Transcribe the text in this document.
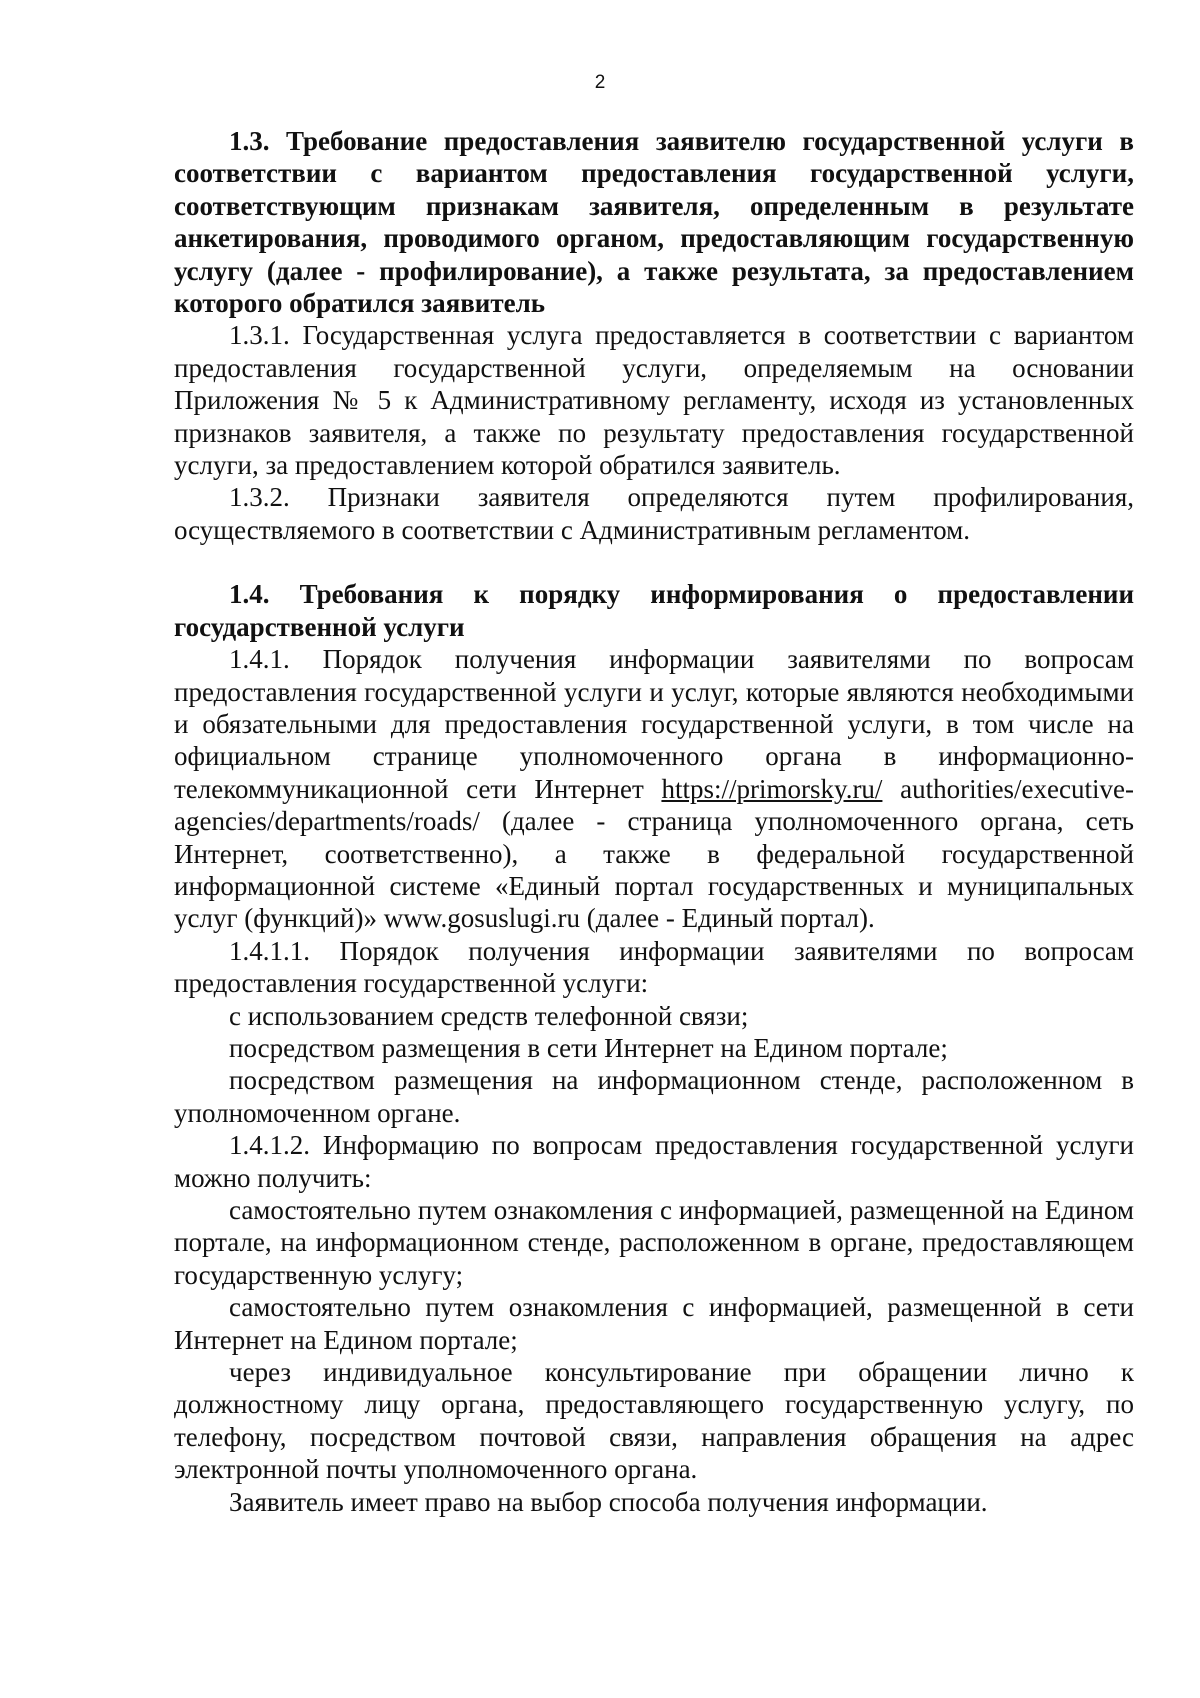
2
1.3. Требование предоставления заявителю государственной услуги в соответствии с вариантом предоставления государственной услуги, соответствующим признакам заявителя, определенным в результате анкетирования, проводимого органом, предоставляющим государственную услугу (далее - профилирование), а также результата, за предоставлением которого обратился заявитель

1.3.1. Государственная услуга предоставляется в соответствии с вариантом предоставления государственной услуги, определяемым на основании Приложения № 5 к Административному регламенту, исходя из установленных признаков заявителя, а также по результату предоставления государственной услуги, за предоставлением которой обратился заявитель.

1.3.2. Признаки заявителя определяются путем профилирования, осуществляемого в соответствии с Административным регламентом.

1.4. Требования к порядку информирования о предоставлении государственной услуги

1.4.1. Порядок получения информации заявителями по вопросам предоставления государственной услуги и услуг, которые являются необходимыми и обязательными для предоставления государственной услуги, в том числе на официальном странице уполномоченного органа в информационно-телекоммуникационной сети Интернет https://primorsky.ru/ authorities/executive-agencies/departments/roads/ (далее - страница уполномоченного органа, сеть Интернет, соответственно), а также в федеральной государственной информационной системе «Единый портал государственных и муниципальных услуг (функций)» www.gosuslugi.ru (далее - Единый портал).

1.4.1.1. Порядок получения информации заявителями по вопросам предоставления государственной услуги:

с использованием средств телефонной связи;

посредством размещения в сети Интернет на Едином портале;

посредством размещения на информационном стенде, расположенном в уполномоченном органе.

1.4.1.2. Информацию по вопросам предоставления государственной услуги можно получить:

самостоятельно путем ознакомления с информацией, размещенной на Едином портале, на информационном стенде, расположенном в органе, предоставляющем государственную услугу;

самостоятельно путем ознакомления с информацией, размещенной в сети Интернет на Едином портале;

через индивидуальное консультирование при обращении лично к должностному лицу органа, предоставляющего государственную услугу, по телефону, посредством почтовой связи, направления обращения на адрес электронной почты уполномоченного органа.

Заявитель имеет право на выбор способа получения информации.
